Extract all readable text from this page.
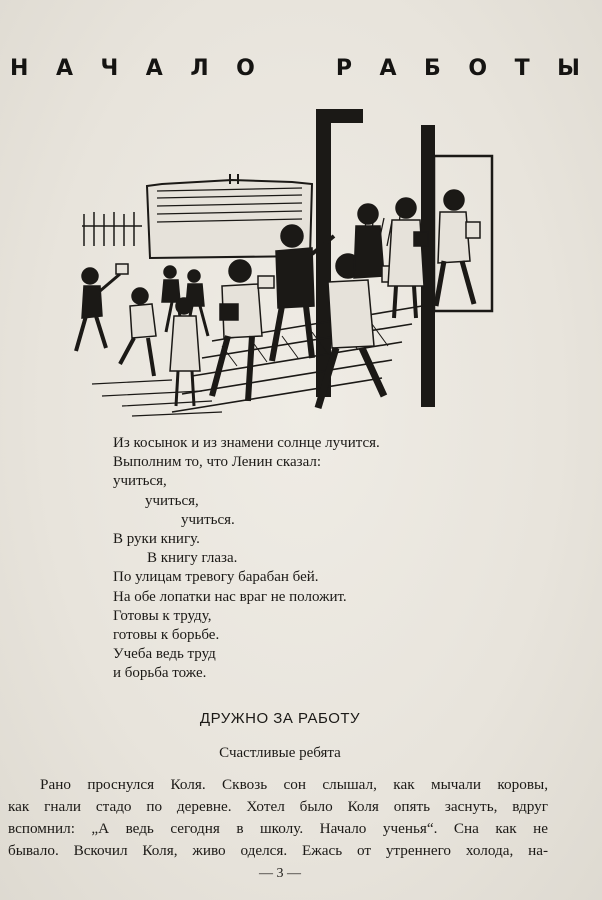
Н А Ч А Л О	Р А Б О Т Ы
Из косынок и из знамени солнце лучится.
Выполним то, что Ленин сказал:
учиться,
учиться,
учиться.
В руки книгу.
В книгу глаза.
По улицам тревогу барабан бей.
На обе лопатки нас враг не положит.
Готовы к труду,
готовы к борьбе.
Учеба ведь труд
и борьба тоже.
ДРУЖНО ЗА РАБОТУ
Счастливые ребята
Рано проснулся Коля. Сквозь сон слышал, как мычали коровы,
как гнали стадо по деревне. Хотел было Коля опять заснуть, вдруг
вспомнил: „А ведь сегодня в школу. Начало ученья“. Сна как не
бывало. Вскочил Коля, живо оделся. Ежась от утреннего холода, на-
— 3 —
